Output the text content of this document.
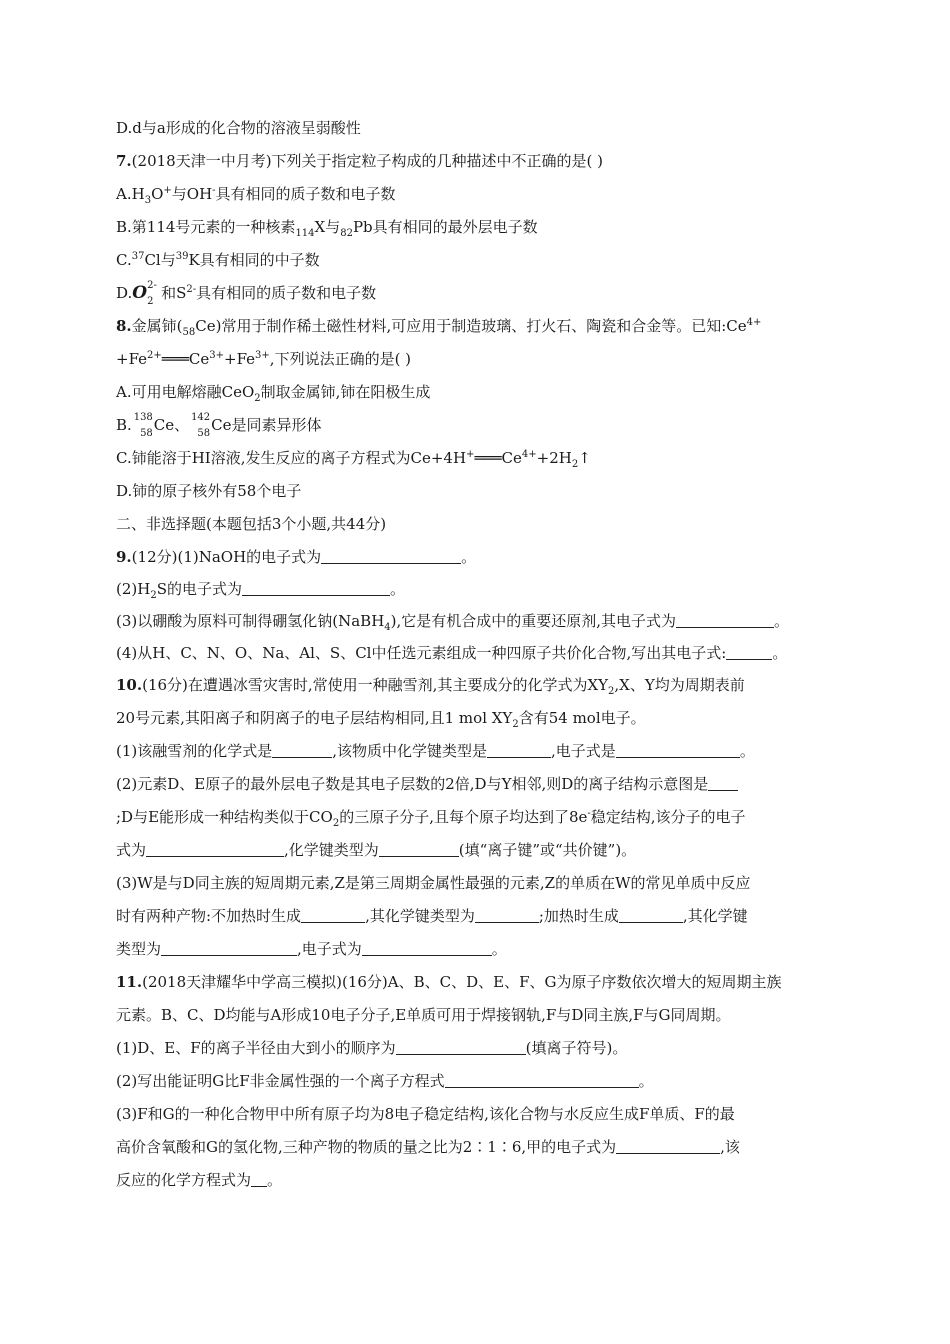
D.d与a形成的化合物的溶液呈弱酸性
7.(2018天津一中月考)下列关于指定粒子构成的几种描述中不正确的是( )
$A.H_3O^+$与OH-具有相同的质子数和电子数
B.第114号元素的一种核素$_{114}$X与$_{82}$Pb具有相同的最外层电子数
C.$^{37}$Cl与$^{39}$K具有相同的中子数
D.O 2-
2 和$S^{2-}$具有相同的质子数和电子数
8.金属铈$(_{58}Ce)$常用于制作稀土磁性材料,可应用于制造玻璃、打火石、陶瓷和合金等。已知$:Ce^{4+}$
$+Fe^{2+}═══Ce^{3+}+Fe^{3+}$,下列说法正确的是( )
A.可用电解熔融CeO$_2$制取金属铈,铈在阳极生成
B. 138
58 Ce、 142
58 Ce是同素异形体
C.铈能溶于HI溶液,发生反应的离子方程式为$Ce+4H^+═══Ce^{4+}+2H_2↑$
D.铈的原子核外有58个电子
二、非选择题(本题包括3个小题,共44分)
9.(12分)(1)NaOH的电子式为	。
$(2)H_2S$的电子式为	。
(3)以硼酸为原料可制得硼氢化钠(NaBH$_4$),它是有机合成中的重要还原剂,其电子式为	。
(4)从H、C、N、O、Na、Al、S、Cl中任选元素组成一种四原子共价化合物,写出其电子式:	。
10.(16分)在遭遇冰雪灾害时,常使用一种融雪剂,其主要成分的化学式为$XY_2,X$、Y均为周期表前
20号元素,其阳离子和阴离子的电子层结构相同,且1 mol $XY_2$含有54 mol电子。
(1)该融雪剂的化学式是	,该物质中化学键类型是	,电子式是	。
(2)元素D、E原子的最外层电子数是其电子层数的2倍,D与Y相邻,则D的离子结构示意图是
;D与E能形成一种结构类似于$CO_2$的三原子分子,且每个原子均达到了8e-稳定结构,该分子的电子
式为	,化学键类型为	(填“离子键”或“共价键”)。
(3)W是与D同主族的短周期元素,Z是第三周期金属性最强的元素,Z的单质在W的常见单质中反应
时有两种产物:不加热时生成	,其化学键类型为	;加热时生成	,其化学键
类型为	,电子式为	。
11.(2018天津耀华中学高三模拟)(16分)A、B、C、D、E、F、G为原子序数依次增大的短周期主族
元素。B、C、D均能与A形成10电子分子,E单质可用于焊接钢轨,F与D同主族,F与G同周期。
(1)D、E、F的离子半径由大到小的顺序为	(填离子符号)。
(2)写出能证明G比F非金属性强的一个离子方程式	。
(3)F和G的一种化合物甲中所有原子均为8电子稳定结构,该化合物与水反应生成F单质、F的最
高价含氧酸和G的氢化物,三种产物的物质的量之比为2∶1∶6,甲的电子式为	,该
反应的化学方程式为 。
